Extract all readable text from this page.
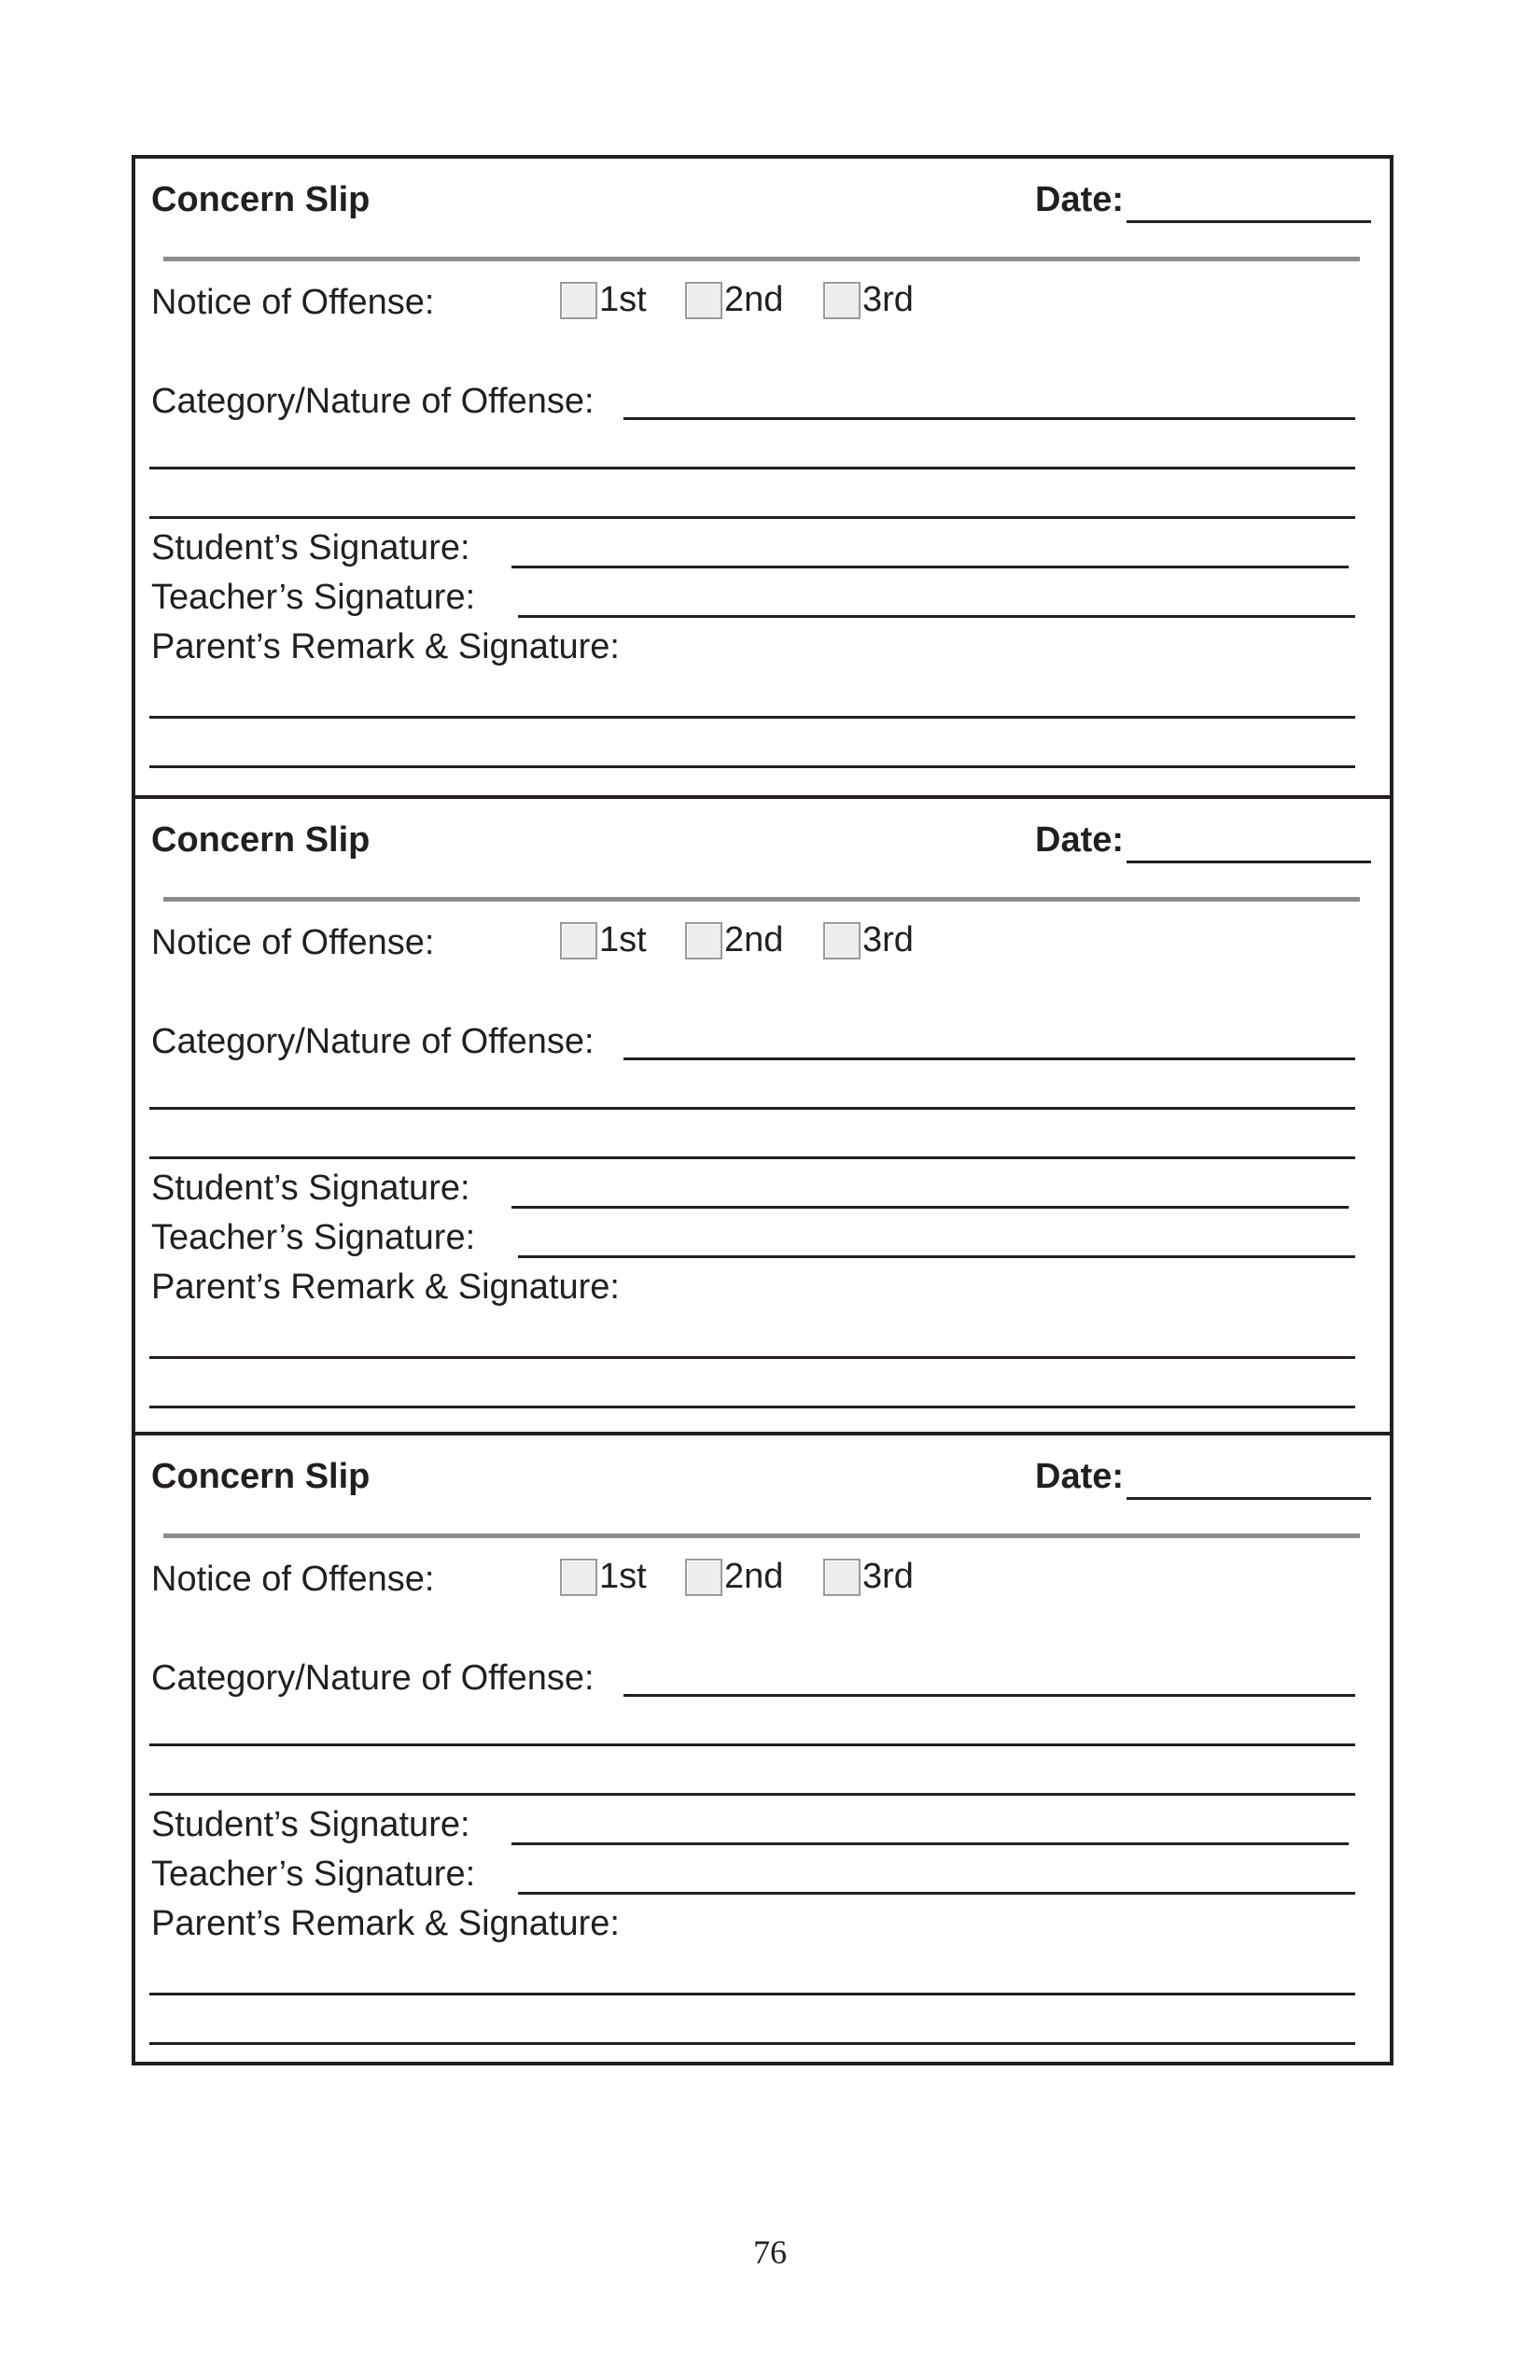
Concern Slip	Date:
Notice of Offense:	1st 2nd 3rd
Category/Nature of Offense:
Student’s Signature:
Teacher’s Signature:
Parent’s Remark & Signature:
Concern Slip	Date:
Notice of Offense:	1st 2nd 3rd
Category/Nature of Offense:
Student’s Signature:
Teacher’s Signature:
Parent’s Remark & Signature:
Concern Slip	Date:
Notice of Offense:	1st 2nd 3rd
Category/Nature of Offense:
Student’s Signature:
Teacher’s Signature:
Parent’s Remark & Signature:
76
